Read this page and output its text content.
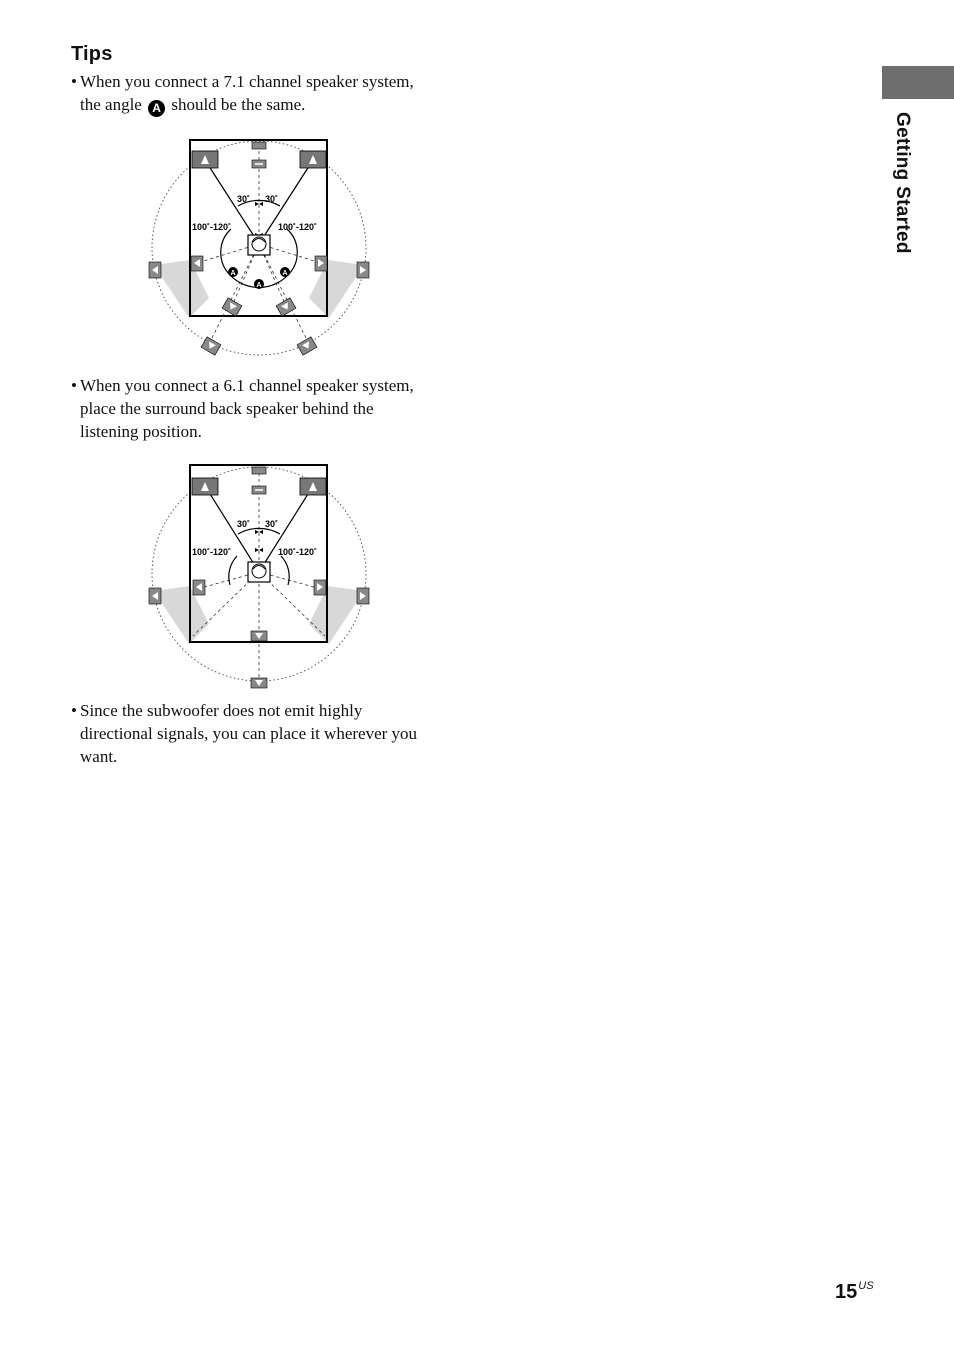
Tips
• When you connect a 7.1 channel speaker system,
the angle A should be the same.
30˚ 30˚
100˚-120˚	100˚-120˚
A	A
A
• When you connect a 6.1 channel speaker system,
place the surround back speaker behind the
listening position.
30˚ 30˚
100˚-120˚	100˚-120˚
• Since the subwoofer does not emit highly
directional signals, you can place it wherever you
want.
Getting Started
$15^{US}$
